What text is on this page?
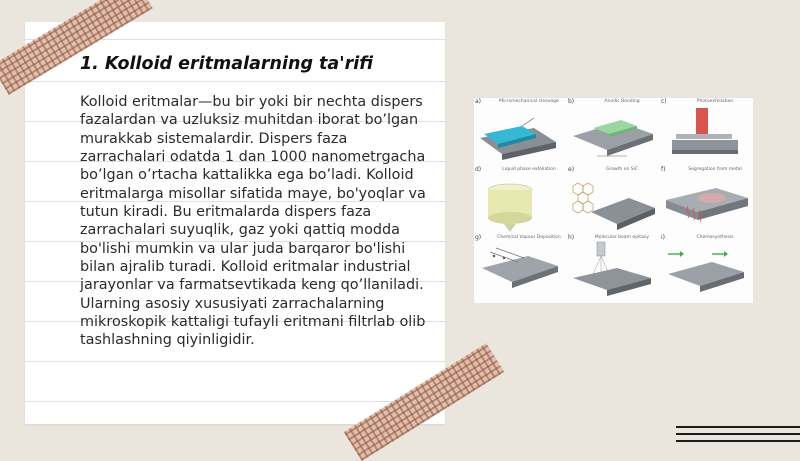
1. Kolloid eritmalarning ta'rifi

Kolloid eritmalar—bu bir yoki bir nechta dispers fazalardan va uzluksiz muhitdan iborat bo’lgan murakkab sistemalardir. Dispers faza zarrachalari odatda 1 dan 1000 nanometrgacha bo’lgan o’rtacha kattalikka ega bo’ladi. Kolloid eritmalarga misollar sifatida maye, bo'yoqlar va tutun kiradi. Bu eritmalarda dispers faza zarrachalari suyuqlik, gaz yoki qattiq modda bo'lishi mumkin va ular juda barqaror bo'lishi bilan ajralib turadi. Kolloid eritmalar industrial jarayonlar va farmatsevtikada keng qo’llaniladi. Ularning asosiy xususiyati zarrachalarning mikroskopik kattaligi tufayli eritmani filtrlab olib tashlashning qiyinligidir.

a)	Micromechanical cleavage	b)	Anodic Bonding	c)	Photoexfoliation
d)	Liquid phase exfoliation	e)	Growth on SiC	f)	Segregation from metal
g)	Chemical Vapour Deposition	h)	Molecular beam epitaxy	i)	Chemosynthesis
